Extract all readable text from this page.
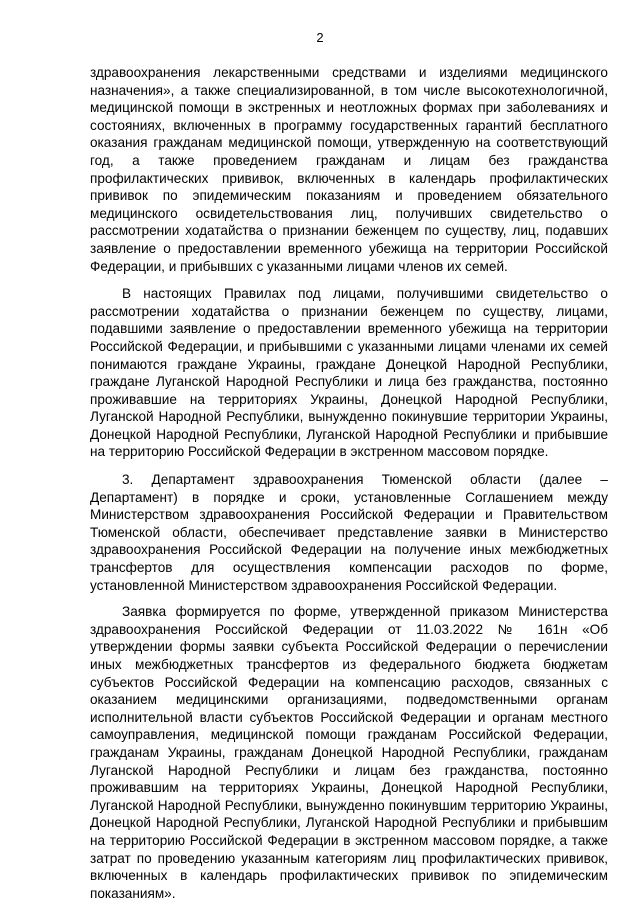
2

здравоохранения лекарственными средствами и изделиями медицинского назначения», а также специализированной, в том числе высокотехнологичной, медицинской помощи в экстренных и неотложных формах при заболеваниях и состояниях, включенных в программу государственных гарантий бесплатного оказания гражданам медицинской помощи, утвержденную на соответствующий год, а также проведением гражданам и лицам без гражданства профилактических прививок, включенных в календарь профилактических прививок по эпидемическим показаниям и проведением обязательного медицинского освидетельствования лиц, получивших свидетельство о рассмотрении ходатайства о признании беженцем по существу, лиц, подавших заявление о предоставлении временного убежища на территории Российской Федерации, и прибывших с указанными лицами членов их семей.

В настоящих Правилах под лицами, получившими свидетельство о рассмотрении ходатайства о признании беженцем по существу, лицами, подавшими заявление о предоставлении временного убежища на территории Российской Федерации, и прибывшими с указанными лицами членами их семей понимаются граждане Украины, граждане Донецкой Народной Республики, граждане Луганской Народной Республики и лица без гражданства, постоянно проживавшие на территориях Украины, Донецкой Народной Республики, Луганской Народной Республики, вынужденно покинувшие территории Украины, Донецкой Народной Республики, Луганской Народной Республики и прибывшие на территорию Российской Федерации в экстренном массовом порядке.

3. Департамент здравоохранения Тюменской области (далее – Департамент) в порядке и сроки, установленные Соглашением между Министерством здравоохранения Российской Федерации и Правительством Тюменской области, обеспечивает представление заявки в Министерство здравоохранения Российской Федерации на получение иных межбюджетных трансфертов для осуществления компенсации расходов по форме, установленной Министерством здравоохранения Российской Федерации.

Заявка формируется по форме, утвержденной приказом Министерства здравоохранения Российской Федерации от 11.03.2022 № 161н «Об утверждении формы заявки субъекта Российской Федерации о перечислении иных межбюджетных трансфертов из федерального бюджета бюджетам субъектов Российской Федерации на компенсацию расходов, связанных с оказанием медицинскими организациями, подведомственными органам исполнительной власти субъектов Российской Федерации и органам местного самоуправления, медицинской помощи гражданам Российской Федерации, гражданам Украины, гражданам Донецкой Народной Республики, гражданам Луганской Народной Республики и лицам без гражданства, постоянно проживавшим на территориях Украины, Донецкой Народной Республики, Луганской Народной Республики, вынужденно покинувшим территорию Украины, Донецкой Народной Республики, Луганской Народной Республики и прибывшим на территорию Российской Федерации в экстренном массовом порядке, а также затрат по проведению указанным категориям лиц профилактических прививок, включенных в календарь профилактических прививок по эпидемическим показаниям».
